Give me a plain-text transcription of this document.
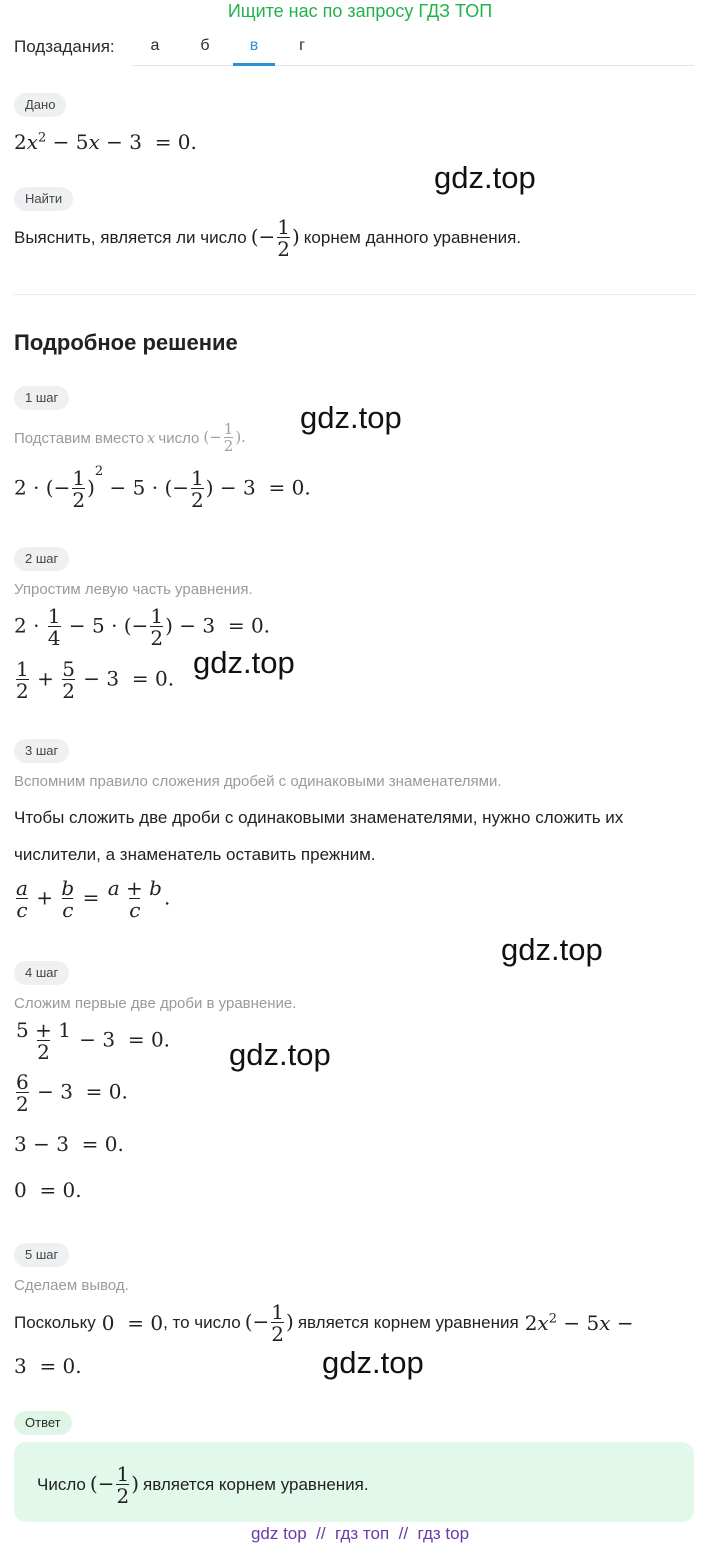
Ищите нас по запросу ГДЗ ТОП
Подзадания:	а	б	в	г
Дано
$2x^2 - 5x - 3 = 0$.
gdz.top
Найти
Выяснить, является ли число (− $\frac{1}{2}$ ) корнем данного уравнения.
Подробное решение
1 шаг
Подставим вместо x число (− $\frac{1}{2}$ ).
gdz.top
2 · (− $\frac{1}{2} )^2 - 5$ · (− $\frac{1}{2}$ ) − 3  = 0.
2 шаг
Упростим левую часть уравнения.
$2 \cdot \frac{1}{4} - 5$ · (− $\frac{1}{2}$ ) − 3  = 0.
$\frac{1}{2} + \frac{5}{2} - 3 = 0$. gdz.top
3 шаг
Вспомним правило сложения дробей с одинаковыми знаменателями.
Чтобы сложить две дроби с одинаковыми знаменателями, нужно сложить их
числители, а знаменатель оставить прежним.
$\frac{a}{c} + \frac{b}{c} = \frac{a + b}{c}$ .
gdz.top
4 шаг
Сложим первые две дроби в уравнение.
$\frac{5 + 1}{2} - 3 = 0$. gdz.top
$\frac{6}{2} - 3 = 0$.
3 − 3  = 0.
0  = 0.
5 шаг
Сделаем вывод.
Поскольку 0  = 0 , то число (− $\frac{1}{2}$ ) является корнем уравнения $2x^2 - 5x$ −
3  = 0.	gdz.top
Ответ
Число (− $\frac{1}{2}$ ) является корнем уравнения.
gdz top  //  гдз топ  //  гдз top
